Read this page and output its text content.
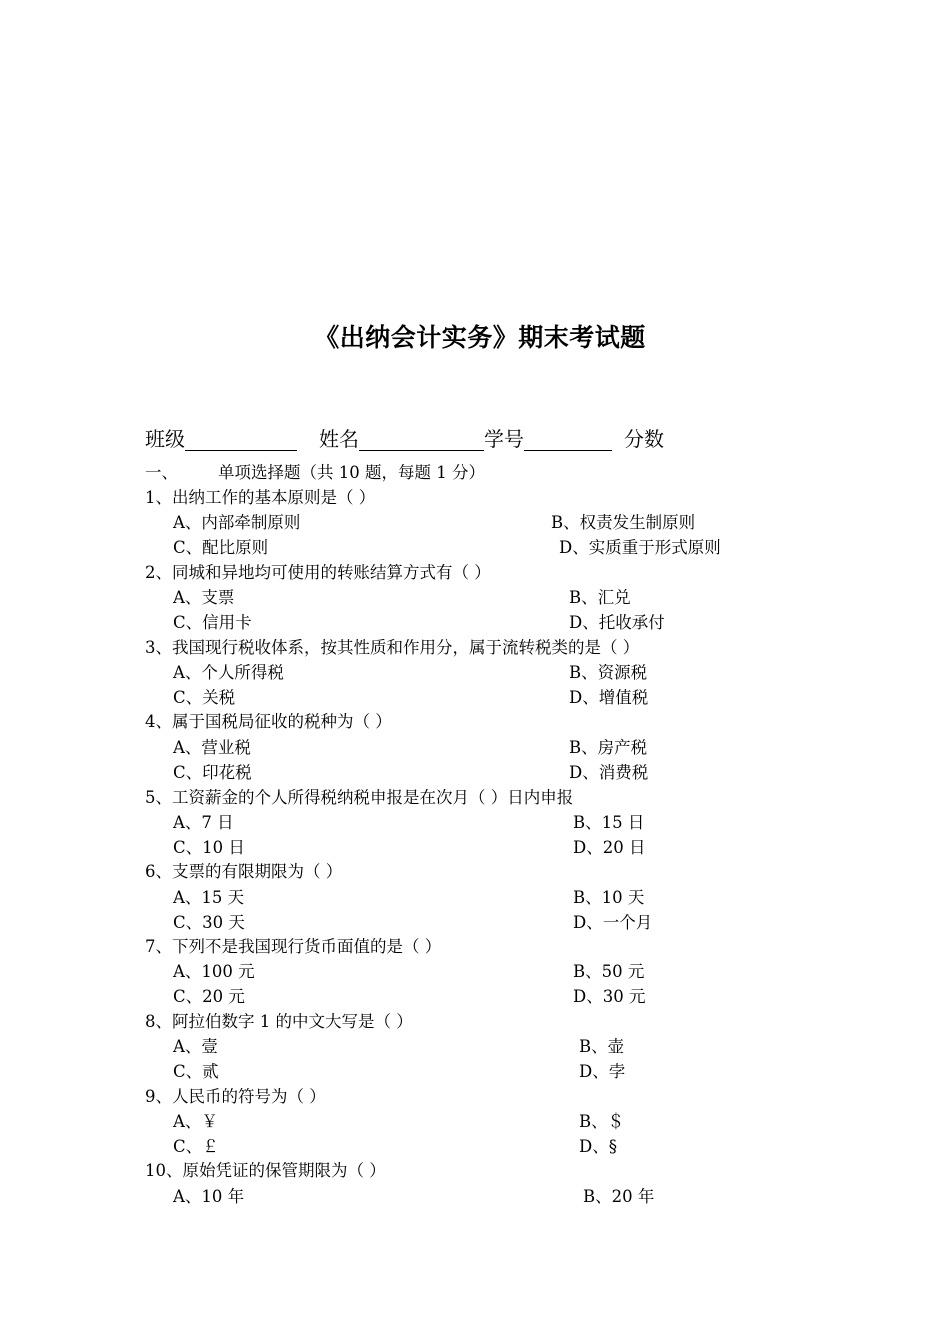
《出纳会计实务》期末考试题
班级	姓名	学号	分数
一、 单项选择题（共 10 题，每题 1 分）
1、出纳工作的基本原则是（ ）
A、内部牵制原则	B、权责发生制原则
C、配比原则	D、实质重于形式原则
2、同城和异地均可使用的转账结算方式有（ ）
A、支票	B、汇兑
C、信用卡	D、托收承付
3、我国现行税收体系，按其性质和作用分，属于流转税类的是（ ）
A、个人所得税	B、资源税
C、关税	D、增值税
4、属于国税局征收的税种为（ ）
A、营业税	B、房产税
C、印花税	D、消费税
5、工资薪金的个人所得税纳税申报是在次月（ ）日内申报
A、7 日	B、15 日
C、10 日	D、20 日
6、支票的有限期限为（ ）
A、15 天	B、10 天
C、30 天	D、一个月
7、下列不是我国现行货币面值的是（ ）
A、100 元	B、50 元
C、20 元	D、30 元
8、阿拉伯数字 1 的中文大写是（ ）
A、壹	B、壶
C、贰	D、孛
9、人民币的符号为（ ）
A、￥	B、＄
C、￡	D、§
10、原始凭证的保管期限为（ ）
A、10 年	B、20 年
